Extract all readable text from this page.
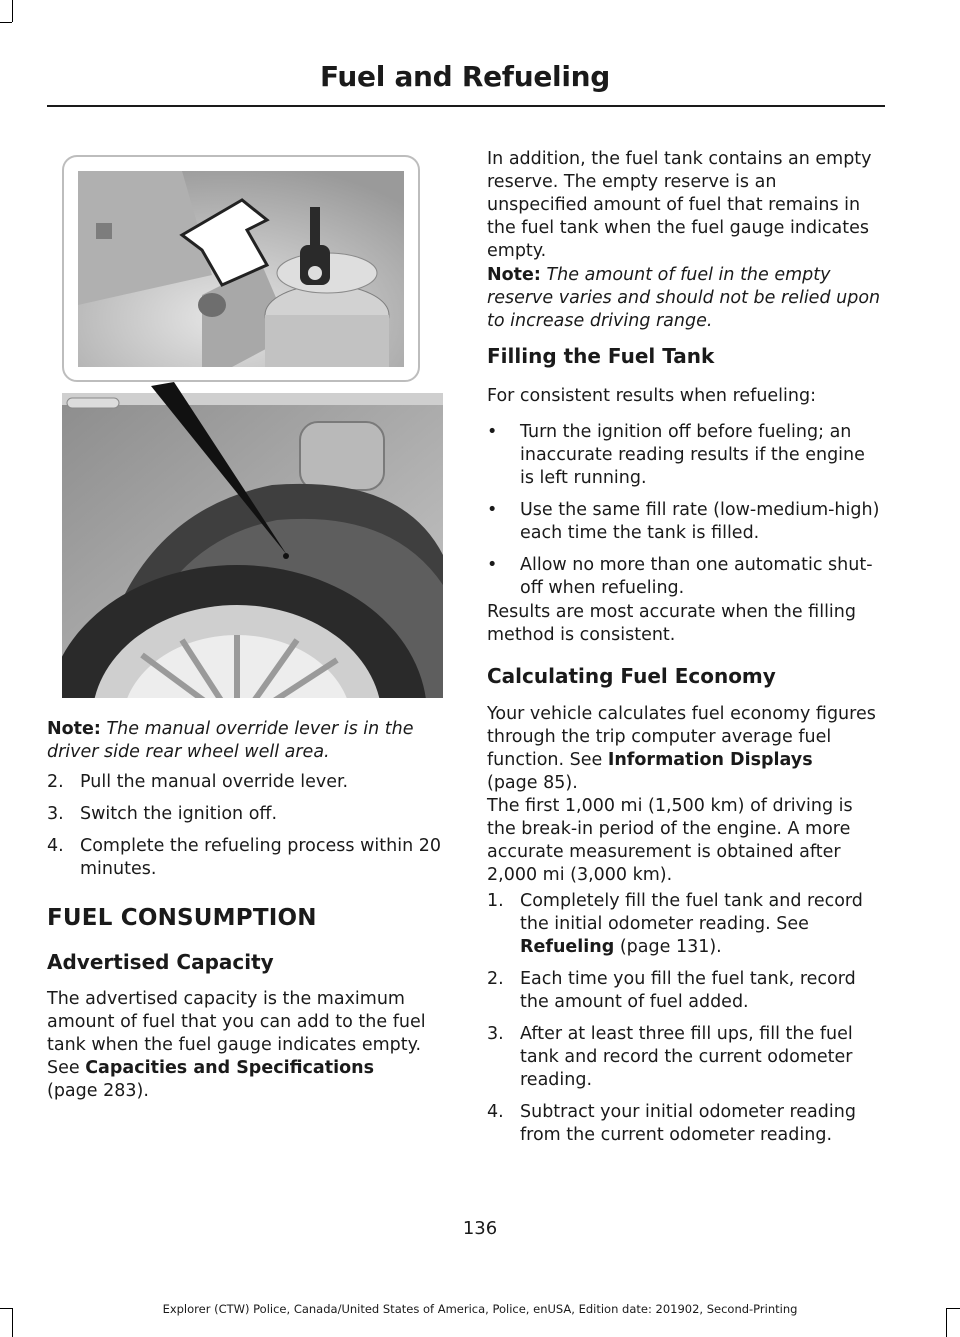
Fuel and Refueling

Note: The manual override lever is in the driver side rear wheel well area.

2. Pull the manual override lever.
3. Switch the ignition off.
4. Complete the refueling process within 20 minutes.
FUEL CONSUMPTION
Advertised Capacity

The advertised capacity is the maximum amount of fuel that you can add to the fuel tank when the fuel gauge indicates empty. See Capacities and Specifications
(page 283).

In addition, the fuel tank contains an empty reserve. The empty reserve is an unspecified amount of fuel that remains in the fuel tank when the fuel gauge indicates empty.

Note: The amount of fuel in the empty reserve varies and should not be relied upon to increase driving range.

Filling the Fuel Tank

For consistent results when refueling:

• Turn the ignition off before fueling; an inaccurate reading results if the engine is left running.
• Use the same fill rate (low-medium-high) each time the tank is filled.
• Allow no more than one automatic shut-off when refueling.

Results are most accurate when the filling method is consistent.

Calculating Fuel Economy

Your vehicle calculates fuel economy figures through the trip computer average fuel function. See Information Displays
(page 85).

The first 1,000 mi (1,500 km) of driving is the break-in period of the engine. A more accurate measurement is obtained after 2,000 mi (3,000 km).

1. Completely fill the fuel tank and record the initial odometer reading. See Refueling (page 131).
2. Each time you fill the fuel tank, record the amount of fuel added.
3. After at least three fill ups, fill the fuel tank and record the current odometer reading.
4. Subtract your initial odometer reading from the current odometer reading.
136
Explorer (CTW) Police, Canada/United States of America, Police, enUSA, Edition date: 201902, Second-Printing
